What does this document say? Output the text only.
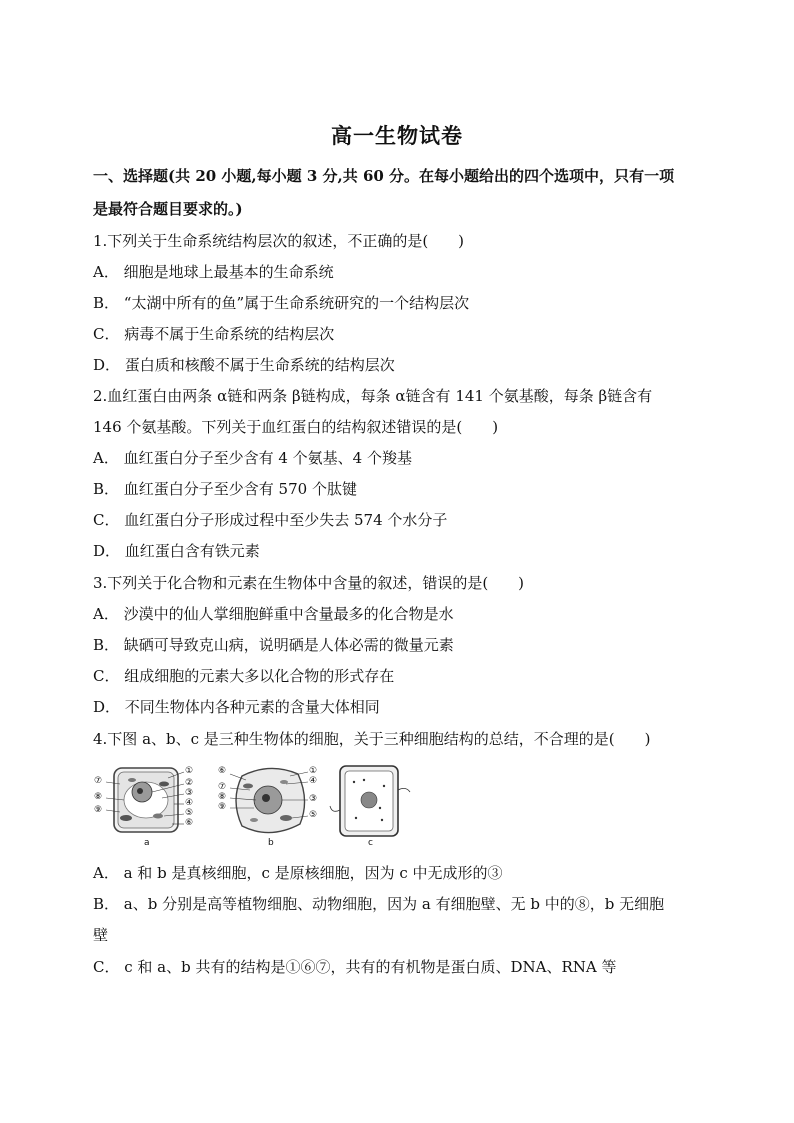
高一生物试卷
一、选择题(共 20 小题,每小题 3 分,共 60 分。在每小题给出的四个选项中，只有一项
是最符合题目要求的。)
1.下列关于生命系统结构层次的叙述，不正确的是(　　)
A． 细胞是地球上最基本的生命系统
B． “太湖中所有的鱼”属于生命系统研究的一个结构层次
C． 病毒不属于生命系统的结构层次
D． 蛋白质和核酸不属于生命系统的结构层次
2.血红蛋白由两条 α链和两条 β链构成，每条 α链含有 141 个氨基酸，每条 β链含有
146 个氨基酸。下列关于血红蛋白的结构叙述错误的是(　　)
A． 血红蛋白分子至少含有 4 个氨基、4 个羧基
B． 血红蛋白分子至少含有 570 个肽键
C． 血红蛋白分子形成过程中至少失去 574 个水分子
D． 血红蛋白含有铁元素
3.下列关于化合物和元素在生物体中含量的叙述，错误的是(　　)
A． 沙漠中的仙人掌细胞鲜重中含量最多的化合物是水
B． 缺硒可导致克山病，说明硒是人体必需的微量元素
C． 组成细胞的元素大多以化合物的形式存在
D． 不同生物体内各种元素的含量大体相同
4.下图 a、b、c 是三种生物体的细胞，关于三种细胞结构的总结，不合理的是(　　)
⑦
⑧
⑨
①
②
③
④
⑤
⑥
a
⑥
⑦
⑧
⑨
①
④
③
⑤
b	c
A． a 和 b 是真核细胞，c 是原核细胞，因为 c 中无成形的③
B． a、b 分别是高等植物细胞、动物细胞，因为 a 有细胞壁、无 b 中的⑧，b 无细胞
壁
C． c 和 a、b 共有的结构是①⑥⑦，共有的有机物是蛋白质、DNA、RNA 等
